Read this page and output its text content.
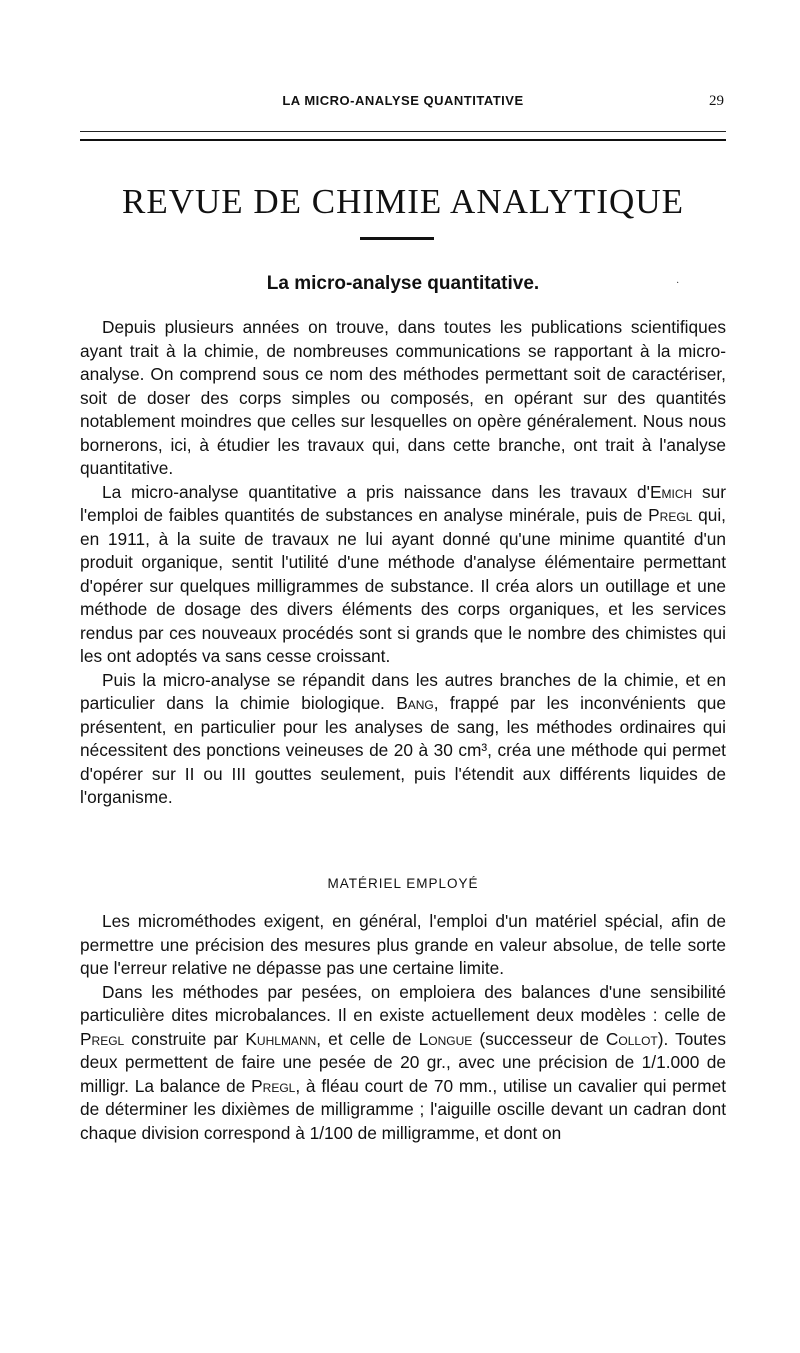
LA MICRO-ANALYSE QUANTITATIVE	29
REVUE DE CHIMIE ANALYTIQUE
La micro-analyse quantitative.	·

Depuis plusieurs années on trouve, dans toutes les publications scientifiques ayant trait à la chimie, de nombreuses communications se rapportant à la micro-analyse. On comprend sous ce nom des méthodes permettant soit de caractériser, soit de doser des corps simples ou composés, en opérant sur des quantités notablement moindres que celles sur lesquelles on opère généralement. Nous nous bornerons, ici, à étudier les travaux qui, dans cette branche, ont trait à l'analyse quantitative.

La micro-analyse quantitative a pris naissance dans les travaux d'Emich sur l'emploi de faibles quantités de substances en analyse minérale, puis de Pregl qui, en 1911, à la suite de travaux ne lui ayant donné qu'une minime quantité d'un produit organique, sentit l'utilité d'une méthode d'analyse élémentaire permettant d'opérer sur quelques milligrammes de substance. Il créa alors un outillage et une méthode de dosage des divers éléments des corps organiques, et les services rendus par ces nouveaux procédés sont si grands que le nombre des chimistes qui les ont adoptés va sans cesse croissant.

Puis la micro-analyse se répandit dans les autres branches de la chimie, et en particulier dans la chimie biologique. Bang, frappé par les inconvénients que présentent, en particulier pour les analyses de sang, les méthodes ordinaires qui nécessitent des ponctions veineuses de 20 à 30 cm³, créa une méthode qui permet d'opérer sur II ou III gouttes seulement, puis l'étendit aux différents liquides de l'organisme.

MATÉRIEL EMPLOYÉ

Les microméthodes exigent, en général, l'emploi d'un matériel spécial, afin de permettre une précision des mesures plus grande en valeur absolue, de telle sorte que l'erreur relative ne dépasse pas une certaine limite.

Dans les méthodes par pesées, on emploiera des balances d'une sensibilité particulière dites microbalances. Il en existe actuellement deux modèles : celle de Pregl construite par Kuhlmann, et celle de Longue (successeur de Collot). Toutes deux permettent de faire une pesée de 20 gr., avec une précision de 1/1.000 de milligr. La balance de Pregl, à fléau court de 70 mm., utilise un cavalier qui permet de déterminer les dixièmes de milligramme ; l'aiguille oscille devant un cadran dont chaque division correspond à 1/100 de milligramme, et dont on
